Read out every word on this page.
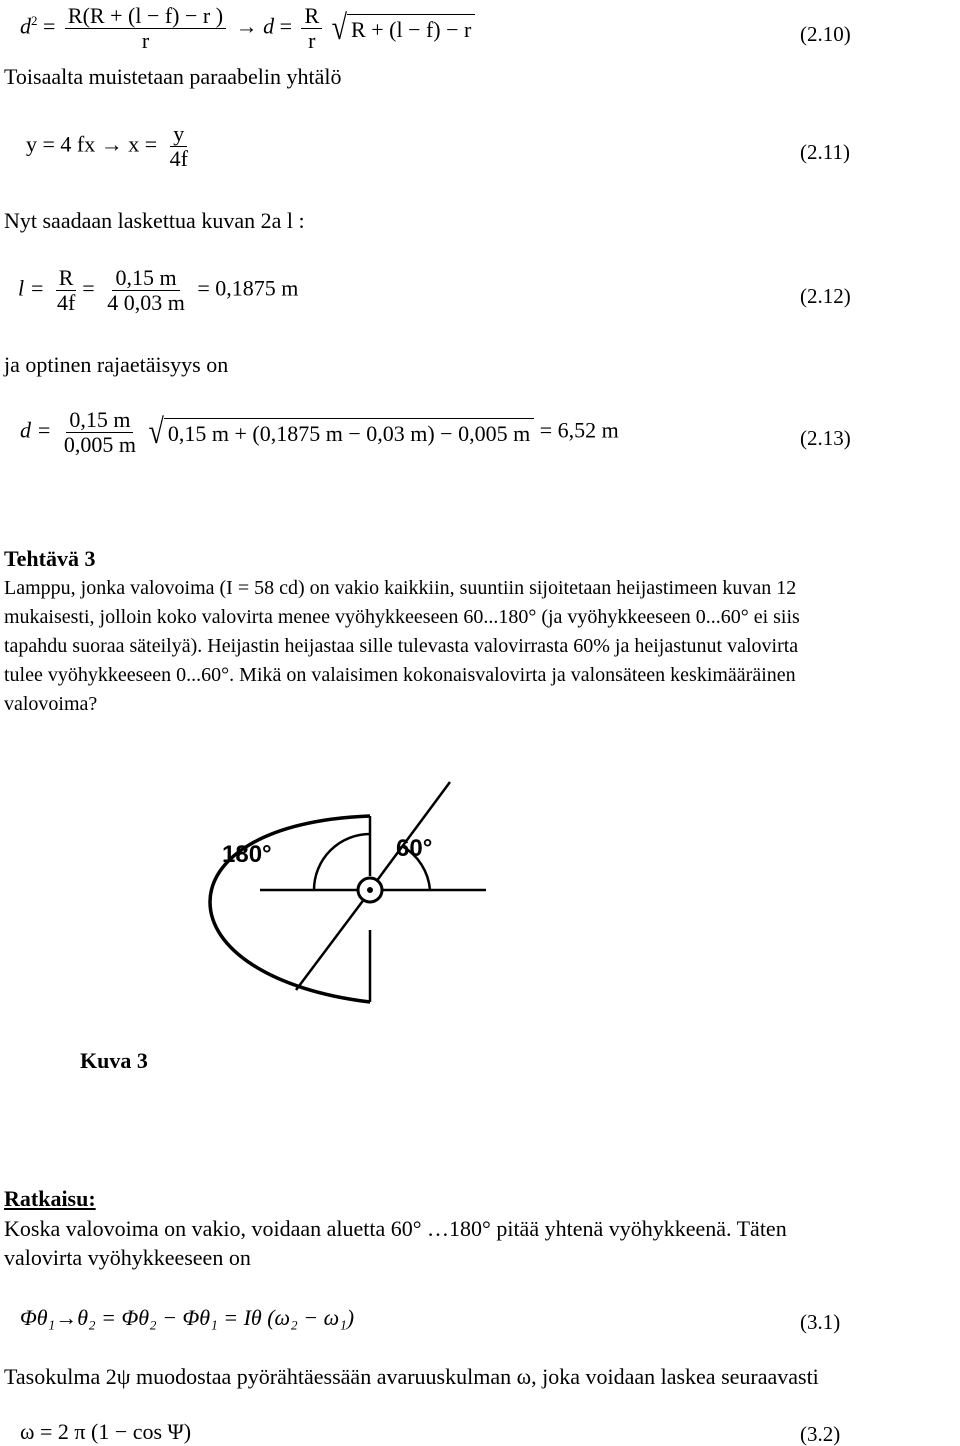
$d^2 = \frac{R(R + (l - f) - r )}{r} \to d = \frac{R}{r}$
√ R + (l − f) − r	(2.10)
Toisaalta muistetaan paraabelin yhtälö
y = 4 fx → $x = \frac{y}{4f}$	(2.11)
Nyt saadaan laskettua kuvan 2a l :
$l = \frac{R}{4f} = \frac{0,15 m}{4 0,03 m} = 0,1875$ m	(2.12)
ja optinen rajaetäisyys on
$d = \frac{0,15 m}{0,005 m}$
√ 0,15 m + (0,1875 m − 0,03 m) − 0,005 m = 6,52 m	(2.13)
Tehtävä 3
Lamppu, jonka valovoima (I = 58 cd) on vakio kaikkiin, suuntiin sijoitetaan heijastimeen kuvan 12
mukaisesti, jolloin koko valovirta menee vyöhykkeeseen 60...180° (ja vyöhykkeeseen 0...60° ei siis
tapahdu suoraa säteilyä). Heijastin heijastaa sille tulevasta valovirrasta 60% ja heijastunut valovirta
tulee vyöhykkeeseen 0...60°. Mikä on valaisimen kokonaisvalovirta ja valonsäteen keskimääräinen
valovoima?
180°	60°
Kuva 3
Ratkaisu:
Koska valovoima on vakio, voidaan aluetta 60° …180° pitää yhtenä vyöhykkeenä. Täten
valovirta vyöhykkeeseen on
Φθ₁→θ₂ = Φθ₂ − Φθ₁ = Iθ (ω₂ − ω₁)	(3.1)
Tasokulma 2ψ muodostaa pyörähtäessään avaruuskulman ω, joka voidaan laskea seuraavasti
ω = 2 π (1 − cos Ψ)	(3.2)
